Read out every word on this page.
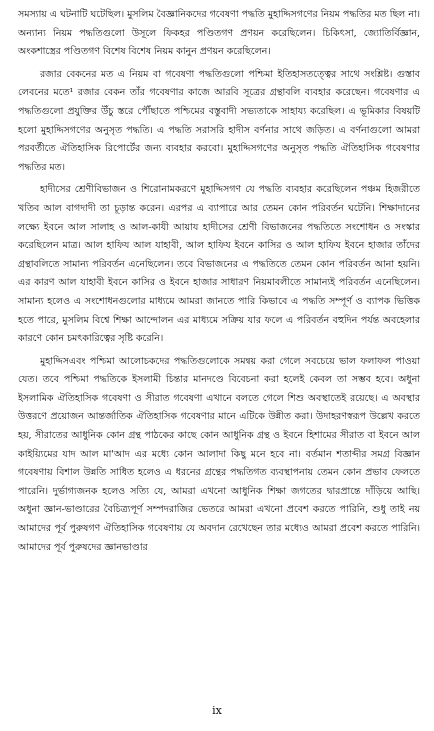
সমস্যায় এ ঘটনাটি ঘটেছিল। মুসলিম বৈজ্ঞানিকদের গবেষণা পদ্ধতি মুহাদ্দিসগণের নিয়ম পদ্ধতির মত ছিল না। অন্যান্য নিয়ম পদ্ধতিগুলো উসূলে ফিকহর পণ্ডিতগণ প্রণয়ন করেছিলেন। চিকিৎসা, জ্যোতির্বিজ্ঞান, অংকশাস্ত্রের পণ্ডিতগণ বিশেষ বিশেষ নিয়ম কানুন প্রণয়ন করেছিলেন।

রজার বেকনের মত এ নিয়ম বা গবেষণা পদ্ধতিগুলো পশ্চিমা ইতিহাসতত্ত্বের সাথে সংশ্লিষ্ট। গুস্তাব লেবনের মতে¹ রজার বেকন তাঁর গবেষণার কাজে আরবি সূত্রের গ্রন্থাবলি ব্যবহার করেছেন। গবেষণার এ পদ্ধতিগুলো প্রযুক্তির উঁচু স্তরে পৌঁছাতে পশ্চিমের বস্তুবাদী সভ্যতাকে সাহায্য করেছিল। এ ভূমিকার বিষয়টি হলো মুহাদ্দিসগণের অনুসৃত পদ্ধতি। এ পদ্ধতি সরাসরি হাদীস বর্ণনার সাথে জড়িত। এ বর্ণনাগুলো আমরা পরবর্তীতে ঐতিহাসিক রিপোর্টের জন্য ব্যবহার করবো। মুহাদ্দিসগণের অনুসৃত পদ্ধতি ঐতিহাসিক গবেষণার পদ্ধতির মত।

হাদীসের শ্রেণীবিভাজন ও শিরোনামকরণে মুহাদ্দিসগণ যে পদ্ধতি ব্যবহার করেছিলেন পঞ্চম হিজরীতে খতিব আল বাগদাদী তা চূড়ান্ত করেন। এরপর এ ব্যাপারে আর তেমন কোন পরিবর্তন ঘটেনি। শিক্ষাদানের লক্ষ্যে ইবনে আল সালাহ ও আল-কাযী আয়ায হাদীসের শ্রেণী বিভাজনের পদ্ধতিতে সংশোধন ও সংস্কার করেছিলেন মাত্র। আল হাফিয আল যাহাবী, আল হাফিয ইবনে কাসির ও আল হাফিয ইবনে হাজার তাঁদের গ্রন্থাবলিতে সামান্য পরিবর্তন এনেছিলেন। তবে বিভাজনের এ পদ্ধতিতে তেমন কোন পরিবর্তন আনা হয়নি। এর কারণ আল যাহাবী ইবনে কাসির ও ইবনে হাজার সাধারণ নিয়মাবলীতে সামান্যই পরিবর্তন এনেছিলেন। সামান্য হলেও এ সংশোধনগুলোর মাধ্যমে আমরা জানতে পারি কিভাবে এ পদ্ধতি সম্পূর্ণ ও ব্যাপক ভিত্তিক হতে পারে, মুসলিম বিশ্বে শিক্ষা আন্দোলন এর মাধ্যমে সক্রিয় যার ফলে এ পরিবর্তন বহুদিন পর্যন্ত অবহেলার কারণে কোন চমৎকারিত্বের সৃষ্টি করেনি।

মুহাদ্দিসএবং পশ্চিমা আলোচকদের পদ্ধতিগুলোকে সমন্বয় করা গেলে সবচেয়ে ভাল ফলাফল পাওয়া যেত। তবে পশ্চিমা পদ্ধতিকে ইসলামী চিন্তার মানদণ্ডে বিবেচনা করা হলেই কেবল তা সম্ভব হবে। অধুনা ইসলামিক ঐতিহাসিক গবেষণা ও সীরাত গবেষণা এখানে বলতে গেলে শিশু অবস্থাতেই রয়েছে। এ অবস্থার উত্তরণে প্রয়োজন আন্তর্জাতিক ঐতিহাসিক গবেষণার মানে এটিকে উন্নীত করা। উদাহরণস্বরূপ উল্লেখ করতে হয়, সীরাতের আধুনিক কোন গ্রন্থ পাঠকের কাছে কোন আধুনিক গ্রন্থ ও ইবনে হিশামের সীরাত বা ইবনে আল কাইয়্যিমের যাদ আল মা'আদ এর মধ্যে কোন আলাদা কিছু মনে হবে না। বর্তমান শতাব্দীর সমগ্র বিজ্ঞান গবেষণায় বিশাল উন্নতি সাধিত হলেও এ ধরনের গ্রন্থের পদ্ধতিগত ব্যবস্থাপনায় তেমন কোন প্রভাব ফেলতে পারেনি। দুর্ভাগ্যজনক হলেও সত্যি যে, আমরা এখনো আধুনিক শিক্ষা জগতের দ্বারপ্রান্তে দাঁড়িয়ে আছি। অধুনা জ্ঞান-ভাণ্ডারের বৈচিত্র্যপূর্ণ সম্পদরাজির ভেতরে আমরা এখনো প্রবেশ করতে পারিনি, শুধু তাই নয় আমাদের পূর্ব পুরুষগণ ঐতিহাসিক গবেষণায় যে অবদান রেখেছেন তার মধ্যেও আমরা প্রবেশ করতে পারিনি। আমাদের পূর্ব পুরুষদের জ্ঞানভাণ্ডার

ix
